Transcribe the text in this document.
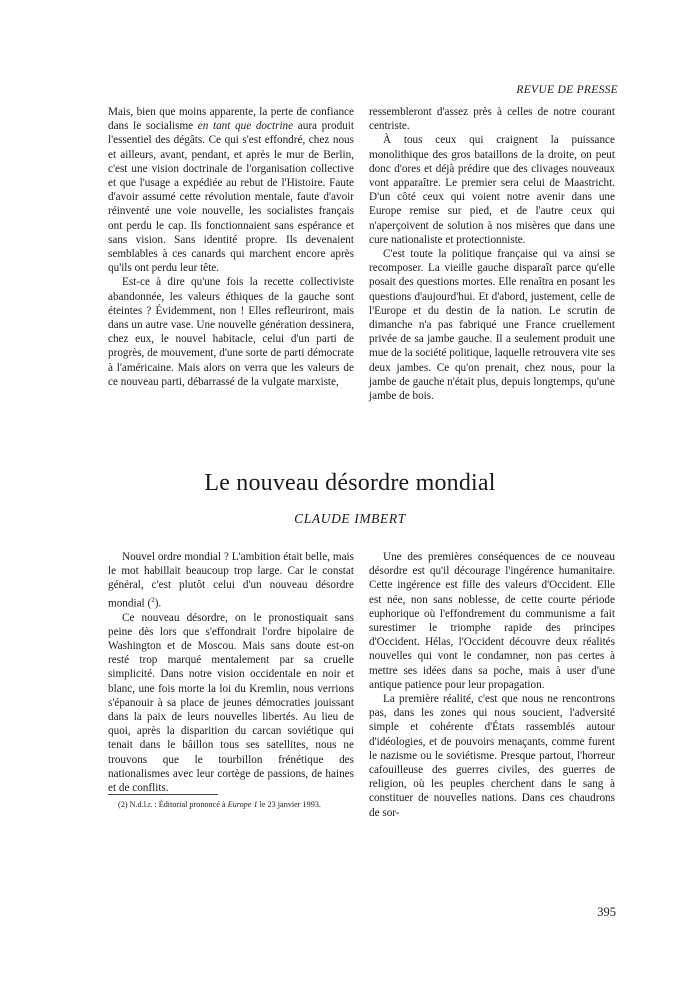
REVUE DE PRESSE

Mais, bien que moins apparente, la perte de confiance dans le socialisme en tant que doctrine aura produit l'essentiel des dégâts. Ce qui s'est effondré, chez nous et ailleurs, avant, pendant, et après le mur de Berlin, c'est une vision doctrinale de l'organisation collective et que l'usage a expédiée au rebut de l'Histoire. Faute d'avoir assumé cette révolution mentale, faute d'avoir réinventé une voie nouvelle, les socialistes français ont perdu le cap. Ils fonctionnaient sans espérance et sans vision. Sans identité propre. Ils devenaient semblables à ces canards qui marchent encore après qu'ils ont perdu leur tête.

Est-ce à dire qu'une fois la recette collectiviste abandonnée, les valeurs éthiques de la gauche sont éteintes ? Évidemment, non ! Elles refleuriront, mais dans un autre vase. Une nouvelle génération dessinera, chez eux, le nouvel habitacle, celui d'un parti de progrès, de mouvement, d'une sorte de parti démocrate à l'américaine. Mais alors on verra que les valeurs de ce nouveau parti, débarrassé de la vulgate marxiste,

ressembleront d'assez près à celles de notre courant centriste.

À tous ceux qui craignent la puissance monolithique des gros bataillons de la droite, on peut donc d'ores et déjà prédire que des clivages nouveaux vont apparaître. Le premier sera celui de Maastricht. D'un côté ceux qui voient notre avenir dans une Europe remise sur pied, et de l'autre ceux qui n'aperçoivent de solution à nos misères que dans une cure nationaliste et protectionniste.

C'est toute la politique française qui va ainsi se recomposer. La vieille gauche disparaît parce qu'elle posait des questions mortes. Elle renaîtra en posant les questions d'aujourd'hui. Et d'abord, justement, celle de l'Europe et du destin de la nation. Le scrutin de dimanche n'a pas fabriqué une France cruellement privée de sa jambe gauche. Il a seulement produit une mue de la société politique, laquelle retrouvera vite ses deux jambes. Ce qu'on prenait, chez nous, pour la jambe de gauche n'était plus, depuis longtemps, qu'une jambe de bois.

Le nouveau désordre mondial
CLAUDE IMBERT

Nouvel ordre mondial ? L'ambition était belle, mais le mot habillait beaucoup trop large. Car le constat général, c'est plutôt celui d'un nouveau désordre mondial ($^2$).

Ce nouveau désordre, on le pronostiquait sans peine dès lors que s'effondrait l'ordre bipolaire de Washington et de Moscou. Mais sans doute est-on resté trop marqué mentalement par sa cruelle simplicité. Dans notre vision occidentale en noir et blanc, une fois morte la loi du Kremlin, nous verrions s'épanouir à sa place de jeunes démocraties jouissant dans la paix de leurs nouvelles libertés. Au lieu de quoi, après la disparition du carcan soviétique qui tenait dans le bâillon tous ses satellites, nous ne trouvons que le tourbillon frénétique des nationalismes avec leur cortège de passions, de haines et de conflits.

Une des premières conséquences de ce nouveau désordre est qu'il décourage l'ingérence humanitaire. Cette ingérence est fille des valeurs d'Occident. Elle est née, non sans noblesse, de cette courte période euphorique où l'effondrement du communisme a fait surestimer le triomphe rapide des principes d'Occident. Hélas, l'Occident découvre deux réalités nouvelles qui vont le condamner, non pas certes à mettre ses idées dans sa poche, mais à user d'une antique patience pour leur propagation.

La première réalité, c'est que nous ne rencontrons pas, dans les zones qui nous soucient, l'adversité simple et cohérente d'États rassemblés autour d'idéologies, et de pouvoirs menaçants, comme furent le nazisme ou le soviétisme. Presque partout, l'horreur cafouilleuse des guerres civiles, des guerres de religion, où les peuples cherchent dans le sang à constituer de nouvelles nations. Dans ces chaudrons de sor-

(2) N.d.l.r. : Éditorial prononcé à Europe 1 le 23 janvier 1993.
395
